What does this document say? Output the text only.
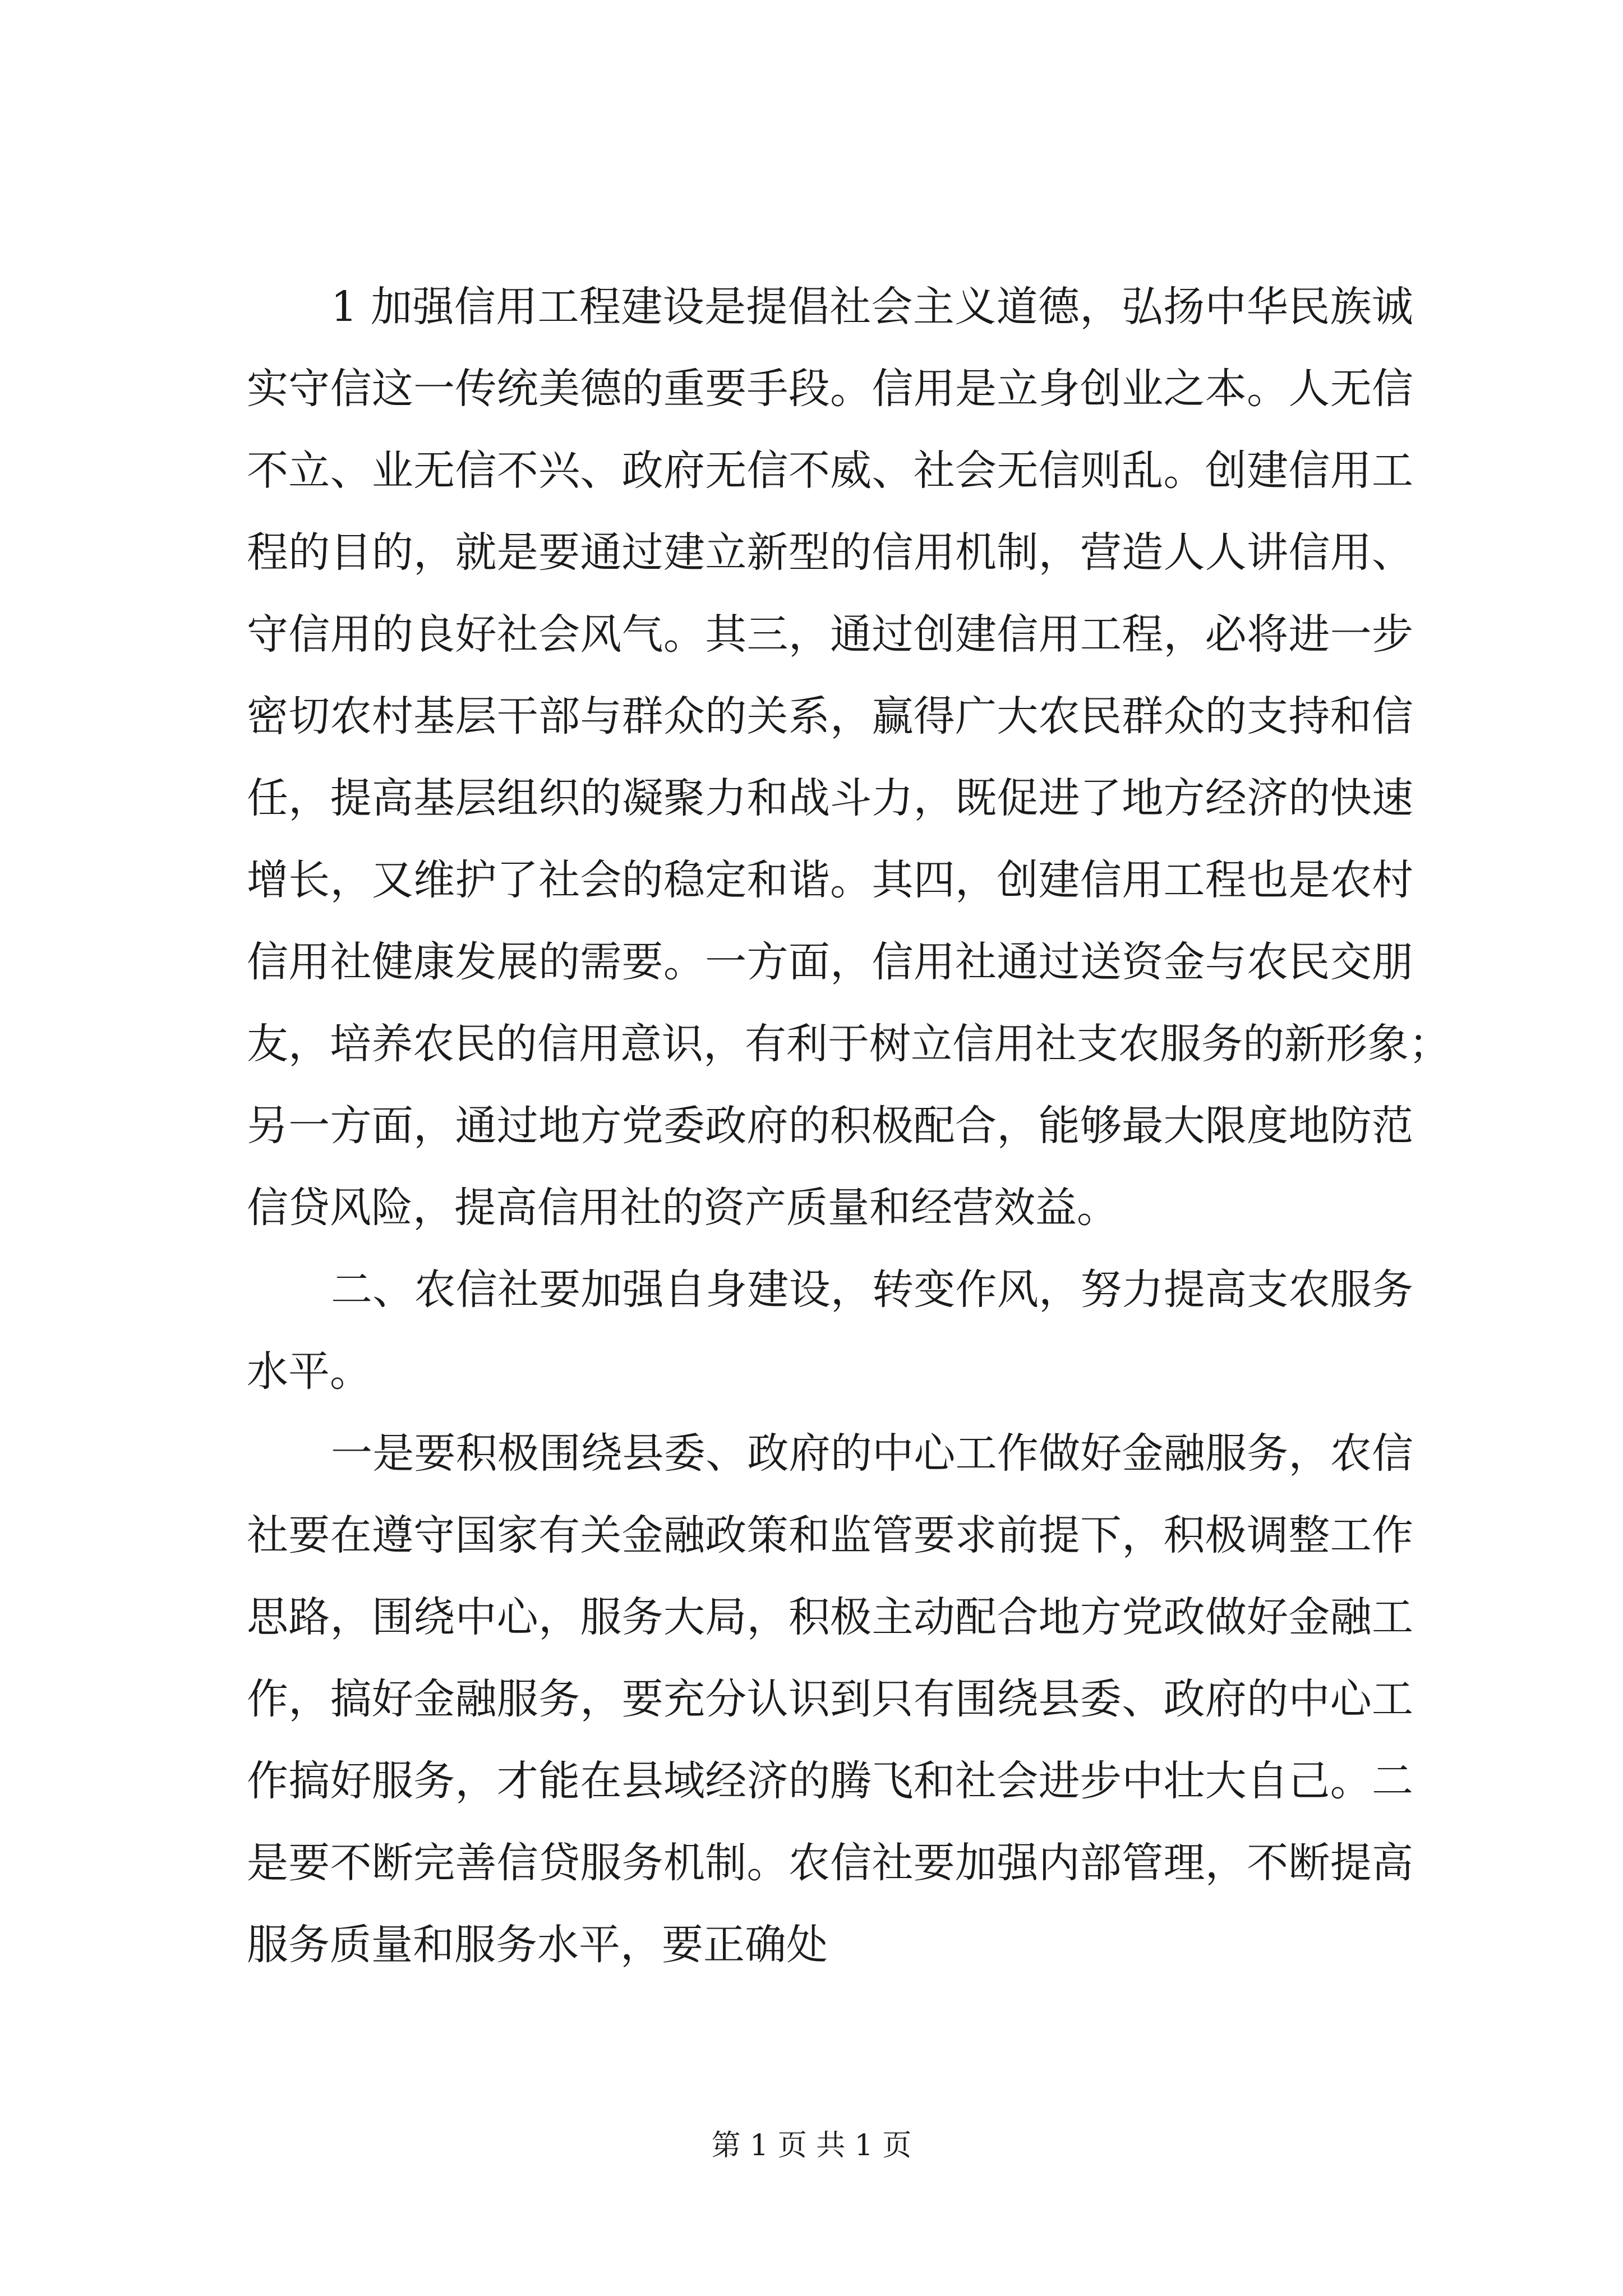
1 加强信用工程建设是提倡社会主义道德，弘扬中华民族诚
实守信这一传统美德的重要手段。信用是立身创业之本。人无信
不立、业无信不兴、政府无信不威、社会无信则乱。创建信用工
程的目的，就是要通过建立新型的信用机制，营造人人讲信用、
守信用的良好社会风气。其三，通过创建信用工程，必将进一步
密切农村基层干部与群众的关系，赢得广大农民群众的支持和信
任，提高基层组织的凝聚力和战斗力，既促进了地方经济的快速
增长，又维护了社会的稳定和谐。其四，创建信用工程也是农村
信用社健康发展的需要。一方面，信用社通过送资金与农民交朋
友，培养农民的信用意识，有利于树立信用社支农服务的新形象；
另一方面，通过地方党委政府的积极配合，能够最大限度地防范
信贷风险，提高信用社的资产质量和经营效益。
二、农信社要加强自身建设，转变作风，努力提高支农服务
水平。
一是要积极围绕县委、政府的中心工作做好金融服务，农信
社要在遵守国家有关金融政策和监管要求前提下，积极调整工作
思路，围绕中心，服务大局，积极主动配合地方党政做好金融工
作，搞好金融服务，要充分认识到只有围绕县委、政府的中心工
作搞好服务，才能在县域经济的腾飞和社会进步中壮大自己。二
是要不断完善信贷服务机制。农信社要加强内部管理，不断提高
服务质量和服务水平，要正确处
第 1 页 共 1 页
